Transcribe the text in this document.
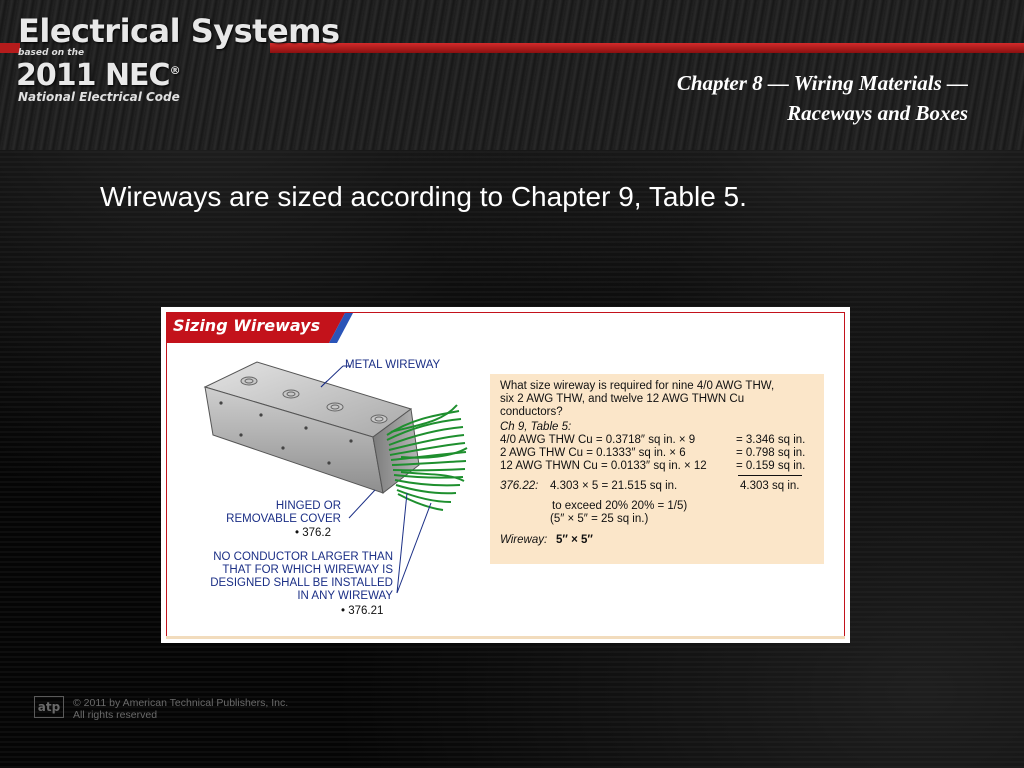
Electrical Systems
based on the
2011 NEC®
National Electrical Code
Chapter 8 — Wiring Materials —
Raceways and Boxes
Wireways are sized according to Chapter 9, Table 5.
Sizing Wireways
METAL WIREWAY
HINGED OR
REMOVABLE COVER
• 376.2
NO CONDUCTOR LARGER THAN
THAT FOR WHICH WIREWAY IS
DESIGNED SHALL BE INSTALLED
IN ANY WIREWAY
• 376.21
What size wireway is required for nine 4/0 AWG THW,
six 2 AWG THW, and twelve 12 AWG THWN Cu
conductors?
Ch 9, Table 5:
4/0 AWG THW Cu = 0.3718″ sq in. × 9	= 3.346 sq in.
2 AWG THW Cu = 0.1333″ sq in. × 6	= 0.798 sq in.
12 AWG THWN Cu = 0.0133″ sq in. × 12	= 0.159 sq in.
376.22: 4.303 × 5 = 21.515 sq in.	4.303 sq in.
to exceed 20% 20% = 1/5)
(5″ × 5″ = 25 sq in.)
Wireway: 5″ × 5″
atp	© 2011 by American Technical Publishers, Inc.
All rights reserved
